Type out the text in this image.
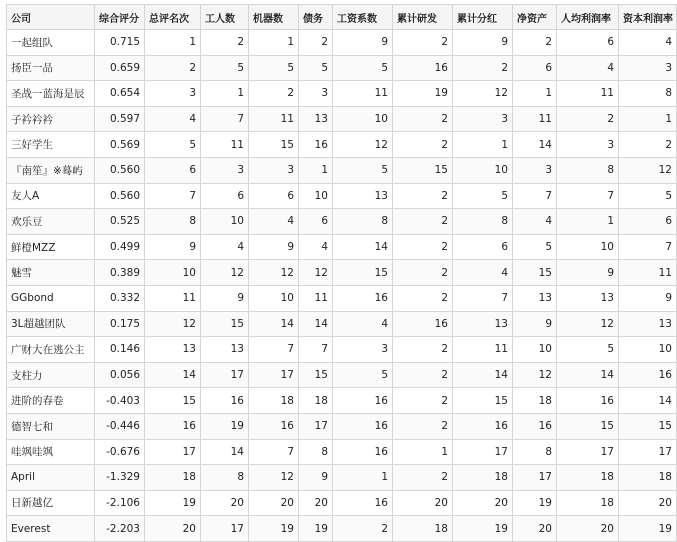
公司	综合评分	总评名次	工人数	机器数	债务	工资系数	累计研发	累计分红	净资产	人均利润率	资本利润率
一起组队	0.715	1	2	1	2	9	2	9	2	6	4
扬臣一品	0.659	2	5	5	5	5	16	2	6	4	3
圣战一蓝海是辰	0.654	3	1	2	3	11	19	12	1	11	8
子衿衿衿	0.597	4	7	11	13	10	2	3	11	2	1
三好学生	0.569	5	11	15	16	12	2	1	14	3	2
『南笙』※蓦屿	0.560	6	3	3	1	5	15	10	3	8	12
友人A	0.560	7	6	6	10	13	2	5	7	7	5
欢乐豆	0.525	8	10	4	6	8	2	8	4	1	6
鲜橙MZZ	0.499	9	4	9	4	14	2	6	5	10	7
魅雪	0.389	10	12	12	12	15	2	4	15	9	11
GGbond	0.332	11	9	10	11	16	2	7	13	13	9
3L超越团队	0.175	12	15	14	14	4	16	13	9	12	13
广财大在逃公主	0.146	13	13	7	7	3	2	11	10	5	10
支柱力	0.056	14	17	17	15	5	2	14	12	14	16
进阶的春卷	-0.403	15	16	18	18	16	2	15	18	16	14
德智七和	-0.446	16	19	16	17	16	2	16	16	15	15
哇飒哇飒	-0.676	17	14	7	8	16	1	17	8	17	17
April	-1.329	18	8	12	9	1	2	18	17	18	18
日新越亿	-2.106	19	20	20	20	16	20	20	19	18	20
Everest	-2.203	20	17	19	19	2	18	19	20	20	19
